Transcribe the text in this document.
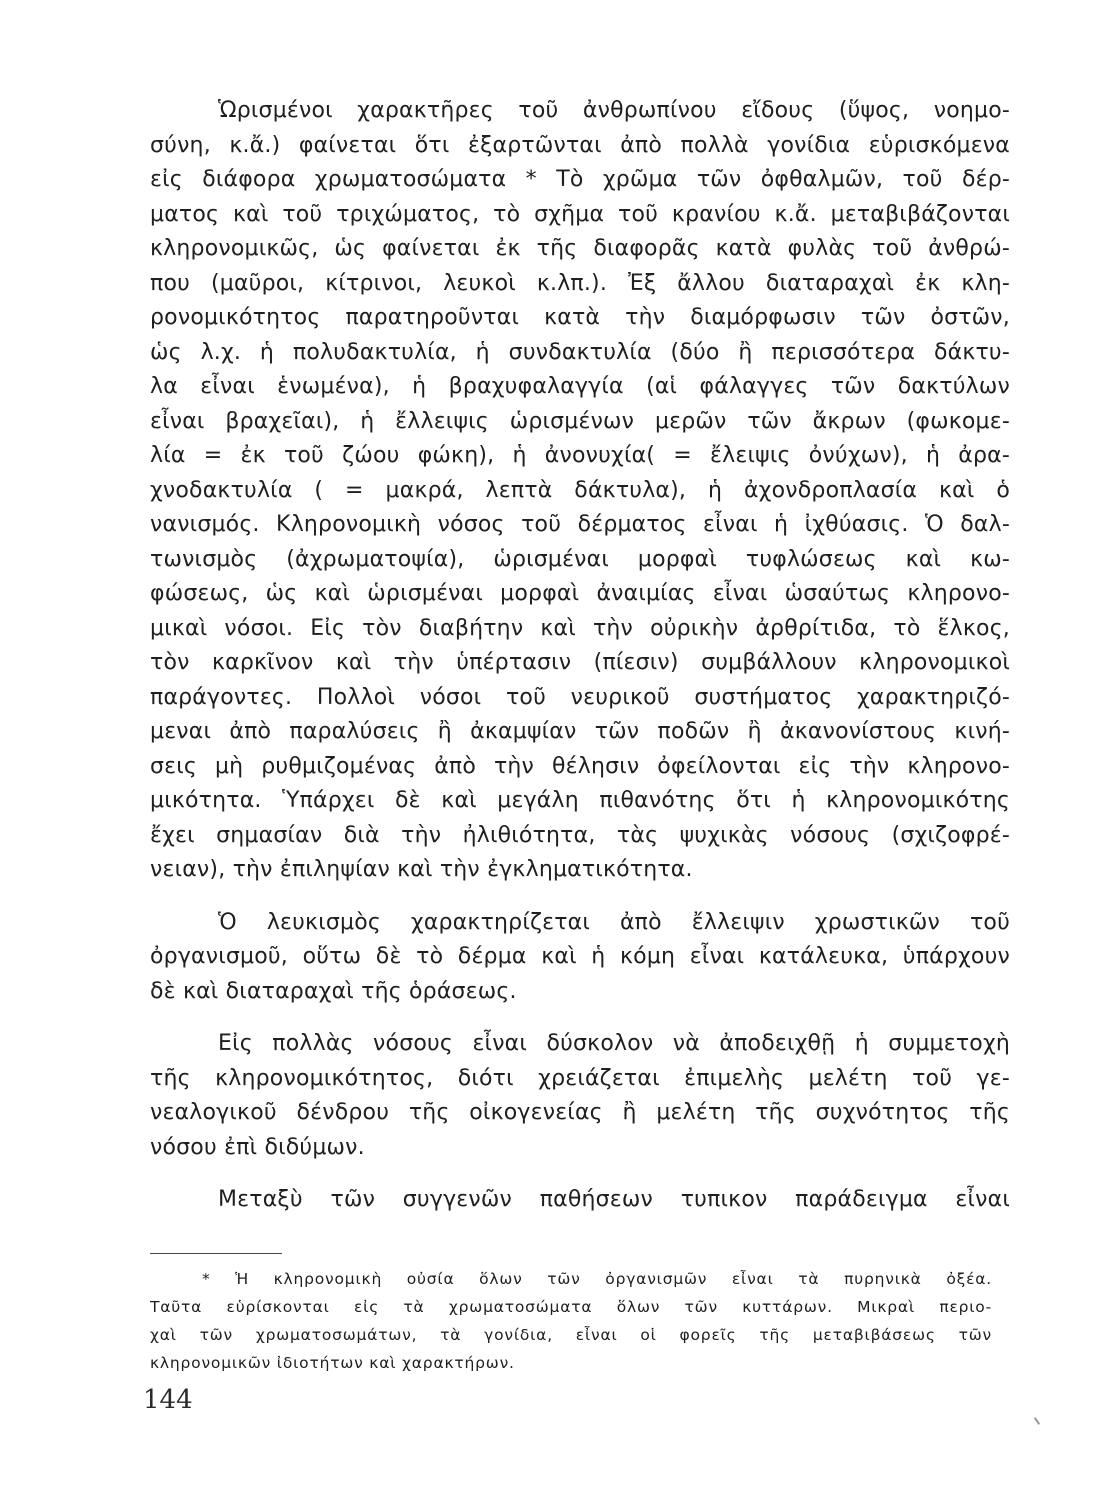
Ὡρισμένοι χαρακτῆρες τοῦ ἀνθρωπίνου εἴδους (ὕψος, νοημο-
σύνη, κ.ἄ.) φαίνεται ὅτι ἐξαρτῶνται ἀπὸ πολλὰ γονίδια εὑρισκόμενα
εἰς διάφορα χρωματοσώματα * Τὸ χρῶμα τῶν ὀφθαλμῶν, τοῦ δέρ-
ματος καὶ τοῦ τριχώματος, τὸ σχῆμα τοῦ κρανίου κ.ἄ. μεταβιβάζονται
κληρονομικῶς, ὡς φαίνεται ἐκ τῆς διαφορᾶς κατὰ φυλὰς τοῦ ἀνθρώ-
που (μαῦροι, κίτρινοι, λευκοὶ κ.λπ.). Ἐξ ἄλλου διαταραχαὶ ἐκ κλη-
ρονομικότητος παρατηροῦνται κατὰ τὴν διαμόρφωσιν τῶν ὀστῶν,
ὡς λ.χ. ἡ πολυδακτυλία, ἡ συνδακτυλία (δύο ἢ περισσότερα δάκτυ-
λα εἶναι ἑνωμένα), ἡ βραχυφαλαγγία (αἱ φάλαγγες τῶν δακτύλων
εἶναι βραχεῖαι), ἡ ἔλλειψις ὡρισμένων μερῶν τῶν ἄκρων (φωκομε-
λία = ἐκ τοῦ ζώου φώκη), ἡ ἀνονυχία( = ἔλειψις ὀνύχων), ἡ ἀρα-
χνοδακτυλία ( = μακρά, λεπτὰ δάκτυλα), ἡ ἀχονδροπλασία καὶ ὁ
νανισμός. Κληρονομικὴ νόσος τοῦ δέρματος εἶναι ἡ ἰχθύασις. Ὁ δαλ-
τωνισμὸς (ἀχρωματοψία), ὡρισμέναι μορφαὶ τυφλώσεως καὶ κω-
φώσεως, ὡς καὶ ὡρισμέναι μορφαὶ ἀναιμίας εἶναι ὡσαύτως κληρονο-
μικαὶ νόσοι. Εἰς τὸν διαβήτην καὶ τὴν οὐρικὴν ἀρθρίτιδα, τὸ ἕλκος,
τὸν καρκῖνον καὶ τὴν ὑπέρτασιν (πίεσιν) συμβάλλουν κληρονομικοὶ
παράγοντες. Πολλοὶ νόσοι τοῦ νευρικοῦ συστήματος χαρακτηριζό-
μεναι ἀπὸ παραλύσεις ἢ ἀκαμψίαν τῶν ποδῶν ἢ ἀκανονίστους κινή-
σεις μὴ ρυθμιζομένας ἀπὸ τὴν θέλησιν ὀφείλονται εἰς τὴν κληρονο-
μικότητα. Ὑπάρχει δὲ καὶ μεγάλη πιθανότης ὅτι ἡ κληρονομικότης
ἔχει σημασίαν διὰ τὴν ἠλιθιότητα, τὰς ψυχικὰς νόσους (σχιζοφρέ-
νειαν), τὴν ἐπιληψίαν καὶ τὴν ἐγκληματικότητα.
Ὁ λευκισμὸς χαρακτηρίζεται ἀπὸ ἔλλειψιν χρωστικῶν τοῦ
ὀργανισμοῦ, οὕτω δὲ τὸ δέρμα καὶ ἡ κόμη εἶναι κατάλευκα, ὑπάρχουν
δὲ καὶ διαταραχαὶ τῆς ὁράσεως.
Εἰς πολλὰς νόσους εἶναι δύσκολον νὰ ἀποδειχθῇ ἡ συμμετοχὴ
τῆς κληρονομικότητος, διότι χρειάζεται ἐπιμελὴς μελέτη τοῦ γε-
νεαλογικοῦ δένδρου τῆς οἰκογενείας ἢ μελέτη τῆς συχνότητος τῆς
νόσου ἐπὶ διδύμων.
Μεταξὺ τῶν συγγενῶν παθήσεων τυπικον παράδειγμα εἶναι
* Ἡ κληρονομικὴ οὐσία ὅλων τῶν ὀργανισμῶν εἶναι τὰ πυρηνικὰ ὀξέα.
Ταῦτα εὑρίσκονται εἰς τὰ χρωματοσώματα ὅλων τῶν κυττάρων. Μικραὶ περιο-
χαὶ τῶν χρωματοσωμάτων, τὰ γονίδια, εἶναι οἱ φορεῖς τῆς μεταβιβάσεως τῶν
κληρονομικῶν ἰδιοτήτων καὶ χαρακτήρων.
144
